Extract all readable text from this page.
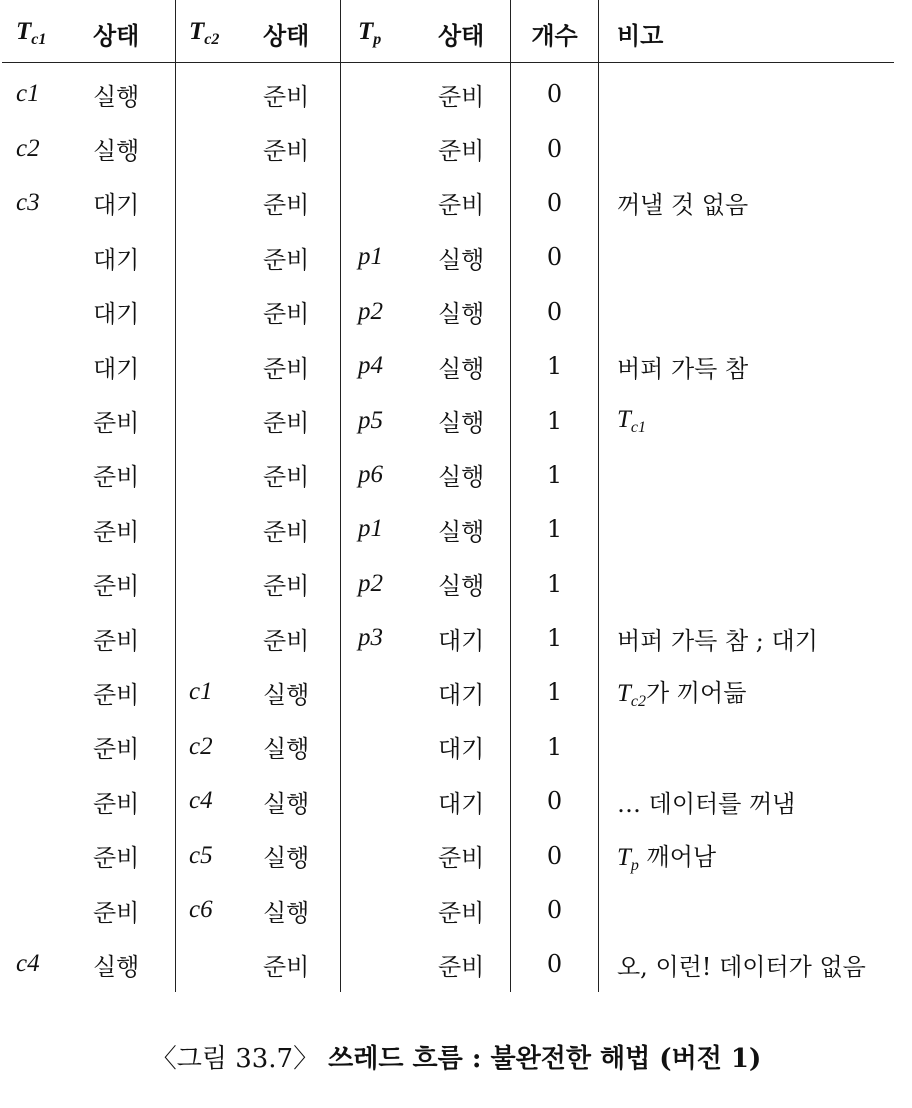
$T_{c1}$	상태	$T_{c2}$	상태	$T_p$	상태	개수	비고
c1	실행		준비		준비	0	
c2	실행		준비		준비	0	
c3	대기		준비		준비	0	꺼낼 것 없음
	대기		준비	p1	실행	0	
	대기		준비	p2	실행	0	
	대기		준비	p4	실행	1	버퍼 가득 참
	준비		준비	p5	실행	1	$T_{c1}$
	준비		준비	p6	실행	1	
	준비		준비	p1	실행	1	
	준비		준비	p2	실행	1	
	준비		준비	p3	대기	1	버퍼 가득 참 ; 대기
	준비	c1	실행		대기	1	$T_{c2}$가 끼어듦
	준비	c2	실행		대기	1	
	준비	c4	실행		대기	0	… 데이터를 꺼냄
	준비	c5	실행		준비	0	$T_p$ 깨어남
	준비	c6	실행		준비	0	
c4	실행		준비		준비	0	오, 이런! 데이터가 없음
〈그림 33.7〉 쓰레드 흐름 : 불완전한 해법 (버전 1)
